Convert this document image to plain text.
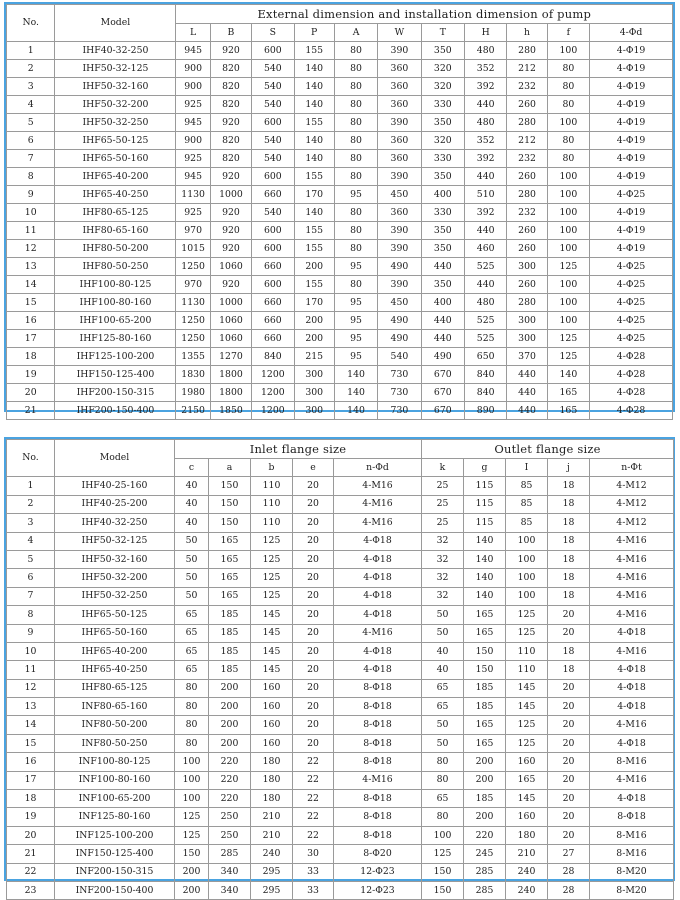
No.	Model	External dimension and installation dimension of pump										
		L	B	S	P	A	W	T	H	h	f	4-Φd
1	IHF40-32-250	945	920	600	155	80	390	350	480	280	100	4-Φ19
2	IHF50-32-125	900	820	540	140	80	360	320	352	212	80	4-Φ19
3	IHF50-32-160	900	820	540	140	80	360	320	392	232	80	4-Φ19
4	IHF50-32-200	925	820	540	140	80	360	330	440	260	80	4-Φ19
5	IHF50-32-250	945	920	600	155	80	390	350	480	280	100	4-Φ19
6	IHF65-50-125	900	820	540	140	80	360	320	352	212	80	4-Φ19
7	IHF65-50-160	925	820	540	140	80	360	330	392	232	80	4-Φ19
8	IHF65-40-200	945	920	600	155	80	390	350	440	260	100	4-Φ19
9	IHF65-40-250	1130	1000	660	170	95	450	400	510	280	100	4-Φ25
10	IHF80-65-125	925	920	540	140	80	360	330	392	232	100	4-Φ19
11	IHF80-65-160	970	920	600	155	80	390	350	440	260	100	4-Φ19
12	IHF80-50-200	1015	920	600	155	80	390	350	460	260	100	4-Φ19
13	IHF80-50-250	1250	1060	660	200	95	490	440	525	300	125	4-Φ25
14	IHF100-80-125	970	920	600	155	80	390	350	440	260	100	4-Φ25
15	IHF100-80-160	1130	1000	660	170	95	450	400	480	280	100	4-Φ25
16	IHF100-65-200	1250	1060	660	200	95	490	440	525	300	100	4-Φ25
17	IHF125-80-160	1250	1060	660	200	95	490	440	525	300	125	4-Φ25
18	IHF125-100-200	1355	1270	840	215	95	540	490	650	370	125	4-Φ28
19	IHF150-125-400	1830	1800	1200	300	140	730	670	840	440	140	4-Φ28
20	IHF200-150-315	1980	1800	1200	300	140	730	670	840	440	165	4-Φ28
21	IHF200-150-400	2150	1850	1200	300	140	730	670	890	440	165	4-Φ28
No.	Model	Inlet flange size					Outlet flange size				
		c	a	b	e	n-Φd	k	g	I	j	n-Φt
1	IHF40-25-160	40	150	110	20	4-M16	25	115	85	18	4-M12
2	IHF40-25-200	40	150	110	20	4-M16	25	115	85	18	4-M12
3	IHF40-32-250	40	150	110	20	4-M16	25	115	85	18	4-M12
4	IHF50-32-125	50	165	125	20	4-Φ18	32	140	100	18	4-M16
5	IHF50-32-160	50	165	125	20	4-Φ18	32	140	100	18	4-M16
6	IHF50-32-200	50	165	125	20	4-Φ18	32	140	100	18	4-M16
7	IHF50-32-250	50	165	125	20	4-Φ18	32	140	100	18	4-M16
8	IHF65-50-125	65	185	145	20	4-Φ18	50	165	125	20	4-M16
9	IHF65-50-160	65	185	145	20	4-M16	50	165	125	20	4-Φ18
10	IHF65-40-200	65	185	145	20	4-Φ18	40	150	110	18	4-M16
11	IHF65-40-250	65	185	145	20	4-Φ18	40	150	110	18	4-Φ18
12	IHF80-65-125	80	200	160	20	8-Φ18	65	185	145	20	4-Φ18
13	INF80-65-160	80	200	160	20	8-Φ18	65	185	145	20	4-Φ18
14	INF80-50-200	80	200	160	20	8-Φ18	50	165	125	20	4-M16
15	INF80-50-250	80	200	160	20	8-Φ18	50	165	125	20	4-Φ18
16	INF100-80-125	100	220	180	22	8-Φ18	80	200	160	20	8-M16
17	INF100-80-160	100	220	180	22	4-M16	80	200	165	20	4-M16
18	INF100-65-200	100	220	180	22	8-Φ18	65	185	145	20	4-Φ18
19	INF125-80-160	125	250	210	22	8-Φ18	80	200	160	20	8-Φ18
20	INF125-100-200	125	250	210	22	8-Φ18	100	220	180	20	8-M16
21	INF150-125-400	150	285	240	30	8-Φ20	125	245	210	27	8-M16
22	INF200-150-315	200	340	295	33	12-Φ23	150	285	240	28	8-M20
23	INF200-150-400	200	340	295	33	12-Φ23	150	285	240	28	8-M20
